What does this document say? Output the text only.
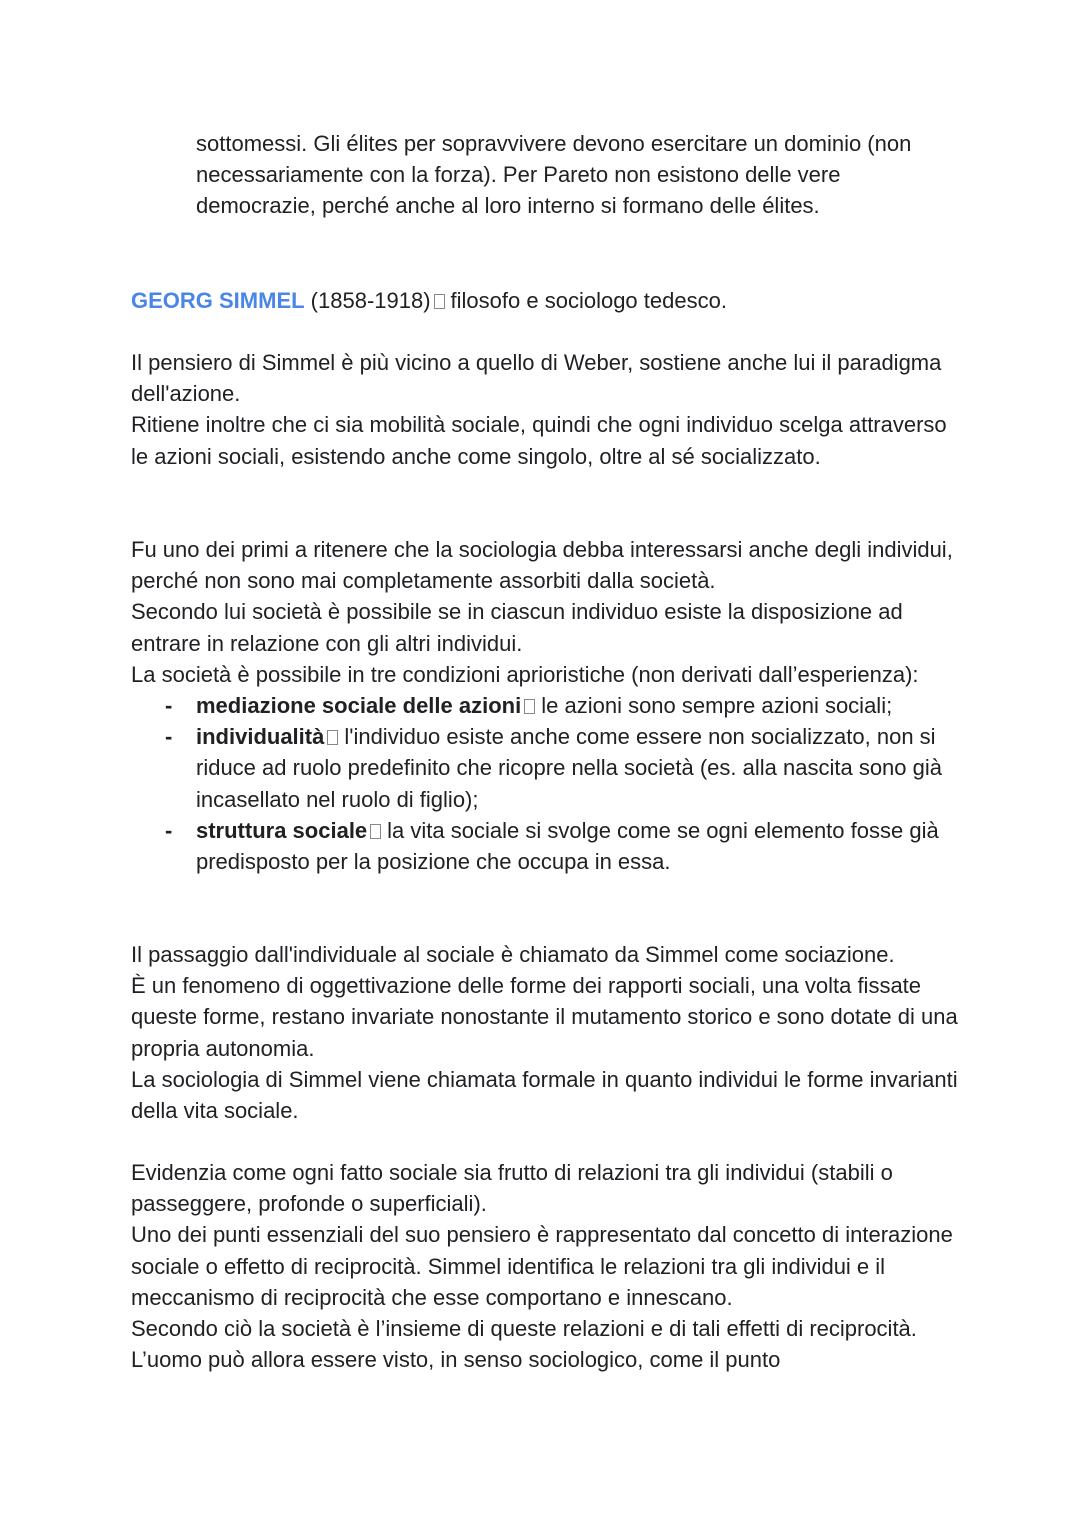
sottomessi. Gli élites per sopravvivere devono esercitare un dominio (non necessariamente con la forza). Per Pareto non esistono delle vere democrazie, perché anche al loro interno si formano delle élites.

GEORG SIMMEL (1858-1918) filosofo e sociologo tedesco.

Il pensiero di Simmel è più vicino a quello di Weber, sostiene anche lui il paradigma dell'azione.

Ritiene inoltre che ci sia mobilità sociale, quindi che ogni individuo scelga attraverso le azioni sociali, esistendo anche come singolo, oltre al sé socializzato.

Fu uno dei primi a ritenere che la sociologia debba interessarsi anche degli individui, perché non sono mai completamente assorbiti dalla società.

Secondo lui società è possibile se in ciascun individuo esiste la disposizione ad entrare in relazione con gli altri individui.

La società è possibile in tre condizioni aprioristiche (non derivati dall’esperienza):

- mediazione sociale delle azioni le azioni sono sempre azioni sociali;
- individualità l'individuo esiste anche come essere non socializzato, non si riduce ad ruolo predefinito che ricopre nella società (es. alla nascita sono già incasellato nel ruolo di figlio);
- struttura sociale la vita sociale si svolge come se ogni elemento fosse già predisposto per la posizione che occupa in essa.

Il passaggio dall'individuale al sociale è chiamato da Simmel come sociazione.

È un fenomeno di oggettivazione delle forme dei rapporti sociali, una volta fissate queste forme, restano invariate nonostante il mutamento storico e sono dotate di una propria autonomia.

La sociologia di Simmel viene chiamata formale in quanto individui le forme invarianti della vita sociale.

Evidenzia come ogni fatto sociale sia frutto di relazioni tra gli individui (stabili o passeggere, profonde o superficiali).

Uno dei punti essenziali del suo pensiero è rappresentato dal concetto di interazione sociale o effetto di reciprocità. Simmel identifica le relazioni tra gli individui e il meccanismo di reciprocità che esse comportano e innescano.

Secondo ciò la società è l’insieme di queste relazioni e di tali effetti di reciprocità. L’uomo può allora essere visto, in senso sociologico, come il punto
